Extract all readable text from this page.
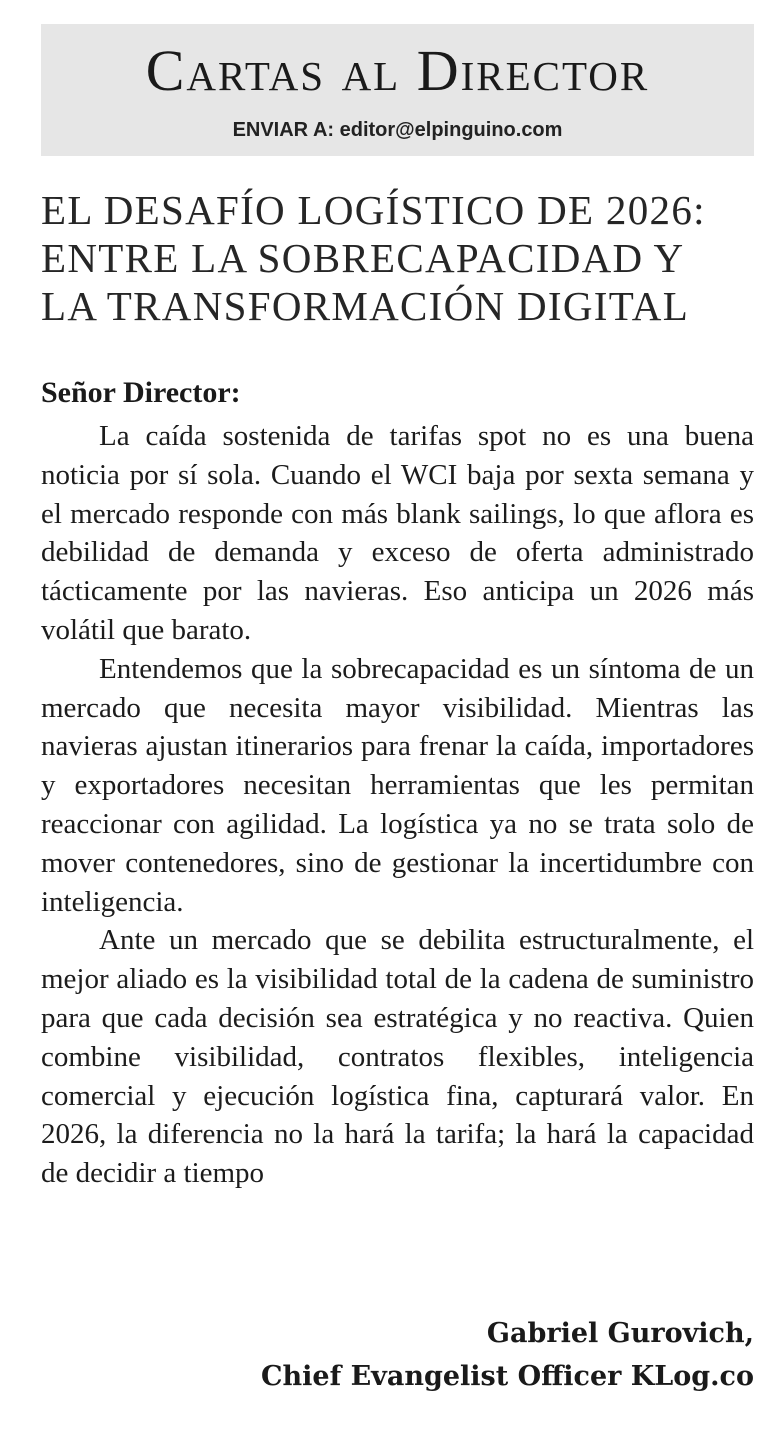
Cartas al Director
ENVIAR A: editor@elpinguino.com
EL DESAFÍO LOGÍSTICO DE 2026:
ENTRE LA SOBRECAPACIDAD Y
LA TRANSFORMACIÓN DIGITAL
Señor Director:

La caída sostenida de tarifas spot no es una buena noticia por sí sola. Cuando el WCI baja por sexta semana y el mercado responde con más blank sailings, lo que aflora es debilidad de demanda y exceso de oferta administrado tácticamente por las navieras. Eso anticipa un 2026 más volátil que barato.

Entendemos que la sobrecapacidad es un síntoma de un mercado que necesita mayor visibilidad. Mientras las navieras ajustan itinerarios para frenar la caída, importadores y exportadores necesitan herramientas que les permitan reaccionar con agilidad. La logística ya no se trata solo de mover contenedores, sino de gestionar la incertidumbre con inteligencia.

Ante un mercado que se debilita estructuralmente, el mejor aliado es la visibilidad total de la cadena de suministro para que cada decisión sea estratégica y no reactiva. Quien combine visibilidad, contratos flexibles, inteligencia comercial y ejecución logística fina, capturará valor. En 2026, la diferencia no la hará la tarifa; la hará la capacidad de decidir a tiempo

Gabriel Gurovich,
Chief Evangelist Officer KLog.co
